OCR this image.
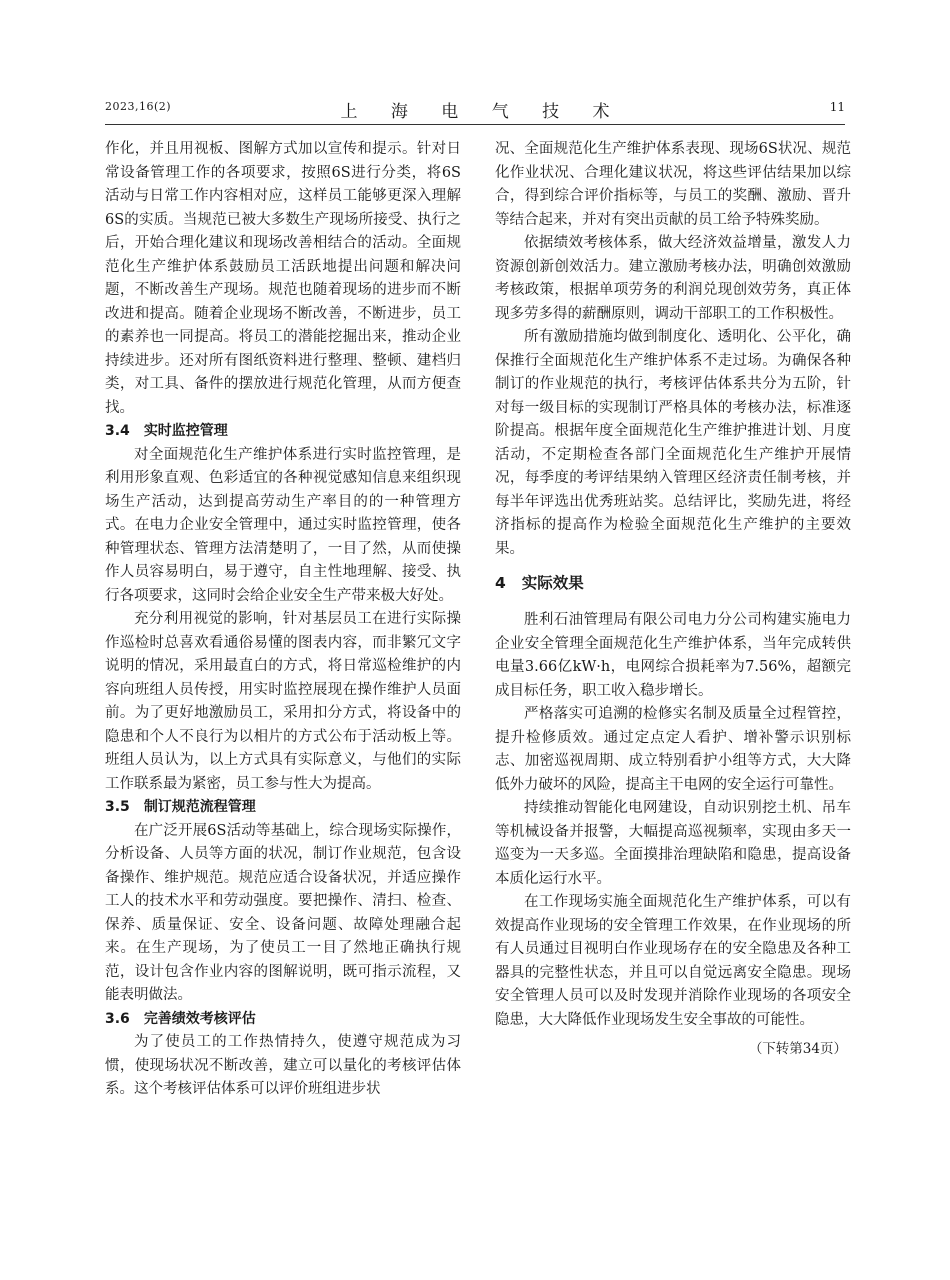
2023,16(2)	上 海 电 气 技 术	11

作化，并且用视板、图解方式加以宣传和提示。针对日常设备管理工作的各项要求，按照6S进行分类，将6S活动与日常工作内容相对应，这样员工能够更深入理解6S的实质。当规范已被大多数生产现场所接受、执行之后，开始合理化建议和现场改善相结合的活动。全面规范化生产维护体系鼓励员工活跃地提出问题和解决问题，不断改善生产现场。规范也随着现场的进步而不断改进和提高。随着企业现场不断改善，不断进步，员工的素养也一同提高。将员工的潜能挖掘出来，推动企业持续进步。还对所有图纸资料进行整理、整顿、建档归类，对工具、备件的摆放进行规范化管理，从而方便查找。

3.4 实时监控管理

对全面规范化生产维护体系进行实时监控管理，是利用形象直观、色彩适宜的各种视觉感知信息来组织现场生产活动，达到提高劳动生产率目的的一种管理方式。在电力企业安全管理中，通过实时监控管理，使各种管理状态、管理方法清楚明了，一目了然，从而使操作人员容易明白，易于遵守，自主性地理解、接受、执行各项要求，这同时会给企业安全生产带来极大好处。

充分利用视觉的影响，针对基层员工在进行实际操作巡检时总喜欢看通俗易懂的图表内容，而非繁冗文字说明的情况，采用最直白的方式，将日常巡检维护的内容向班组人员传授，用实时监控展现在操作维护人员面前。为了更好地激励员工，采用扣分方式，将设备中的隐患和个人不良行为以相片的方式公布于活动板上等。班组人员认为，以上方式具有实际意义，与他们的实际工作联系最为紧密，员工参与性大为提高。

3.5 制订规范流程管理

在广泛开展6S活动等基础上，综合现场实际操作，分析设备、人员等方面的状况，制订作业规范，包含设备操作、维护规范。规范应适合设备状况，并适应操作工人的技术水平和劳动强度。要把操作、清扫、检查、保养、质量保证、安全、设备问题、故障处理融合起来。在生产现场，为了使员工一目了然地正确执行规范，设计包含作业内容的图解说明，既可指示流程，又能表明做法。

3.6 完善绩效考核评估

为了使员工的工作热情持久，使遵守规范成为习惯，使现场状况不断改善，建立可以量化的考核评估体系。这个考核评估体系可以评价班组进步状

况、全面规范化生产维护体系表现、现场6S状况、规范化作业状况、合理化建议状况，将这些评估结果加以综合，得到综合评价指标等，与员工的奖酬、激励、晋升等结合起来，并对有突出贡献的员工给予特殊奖励。

依据绩效考核体系，做大经济效益增量，激发人力资源创新创效活力。建立激励考核办法，明确创效激励考核政策，根据单项劳务的利润兑现创效劳务，真正体现多劳多得的薪酬原则，调动干部职工的工作积极性。

所有激励措施均做到制度化、透明化、公平化，确保推行全面规范化生产维护体系不走过场。为确保各种制订的作业规范的执行，考核评估体系共分为五阶，针对每一级目标的实现制订严格具体的考核办法，标准逐阶提高。根据年度全面规范化生产维护推进计划、月度活动，不定期检查各部门全面规范化生产维护开展情况，每季度的考评结果纳入管理区经济责任制考核，并每半年评选出优秀班站奖。总结评比，奖励先进，将经济指标的提高作为检验全面规范化生产维护的主要效果。

4 实际效果

胜利石油管理局有限公司电力分公司构建实施电力企业安全管理全面规范化生产维护体系，当年完成转供电量3.66亿kW·h，电网综合损耗率为7.56%，超额完成目标任务，职工收入稳步增长。

严格落实可追溯的检修实名制及质量全过程管控，提升检修质效。通过定点定人看护、增补警示识别标志、加密巡视周期、成立特别看护小组等方式，大大降低外力破坏的风险，提高主干电网的安全运行可靠性。

持续推动智能化电网建设，自动识别挖土机、吊车等机械设备并报警，大幅提高巡视频率，实现由多天一巡变为一天多巡。全面摸排治理缺陷和隐患，提高设备本质化运行水平。

在工作现场实施全面规范化生产维护体系，可以有效提高作业现场的安全管理工作效果，在作业现场的所有人员通过目视明白作业现场存在的安全隐患及各种工器具的完整性状态，并且可以自觉远离安全隐患。现场安全管理人员可以及时发现并消除作业现场的各项安全隐患，大大降低作业现场发生安全事故的可能性。

（下转第34页）
